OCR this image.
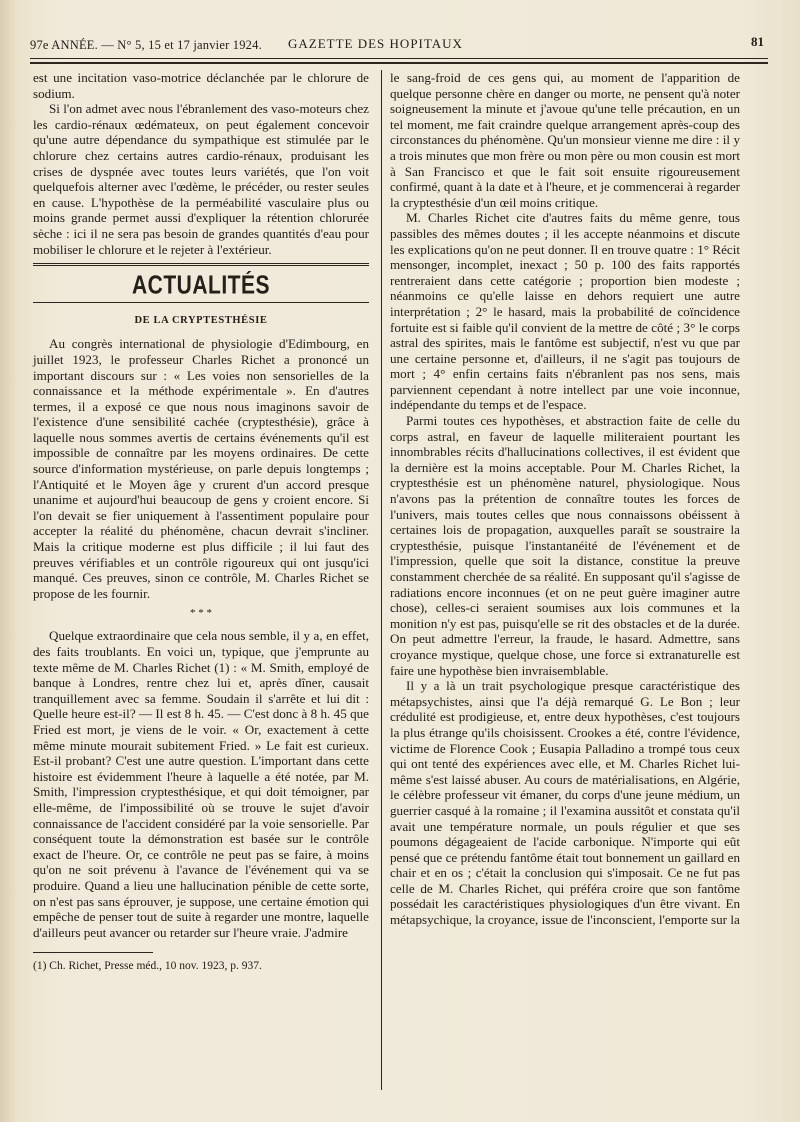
97e ANNÉE. — N° 5, 15 et 17 janvier 1924. GAZETTE DES HOPITAUX	81

est une incitation vaso-motrice déclanchée par le chlorure de sodium.

Si l'on admet avec nous l'ébranlement des vaso-moteurs chez les cardio-rénaux œdémateux, on peut également concevoir qu'une autre dépendance du sympathique est stimulée par le chlorure chez certains autres cardio-rénaux, produisant les crises de dyspnée avec toutes leurs variétés, que l'on voit quelquefois alterner avec l'œdème, le précéder, ou rester seules en cause. L'hypothèse de la perméabilité vasculaire plus ou moins grande permet aussi d'expliquer la rétention chlorurée sèche : ici il ne sera pas besoin de grandes quantités d'eau pour mobiliser le chlorure et le rejeter à l'extérieur.

ACTUALITÉS
DE LA CRYPTESTHÉSIE

Au congrès international de physiologie d'Edimbourg, en juillet 1923, le professeur Charles Richet a prononcé un important discours sur : « Les voies non sensorielles de la connaissance et la méthode expérimentale ». En d'autres termes, il a exposé ce que nous nous imaginons savoir de l'existence d'une sensibilité cachée (cryptesthésie), grâce à laquelle nous sommes avertis de certains événements qu'il est impossible de connaître par les moyens ordinaires. De cette source d'information mystérieuse, on parle depuis longtemps ; l'Antiquité et le Moyen âge y crurent d'un accord presque unanime et aujourd'hui beaucoup de gens y croient encore. Si l'on devait se fier uniquement à l'assentiment populaire pour accepter la réalité du phénomène, chacun devrait s'incliner. Mais la critique moderne est plus difficile ; il lui faut des preuves vérifiables et un contrôle rigoureux qui ont jusqu'ici manqué. Ces preuves, sinon ce contrôle, M. Charles Richet se propose de les fournir.

* * *

Quelque extraordinaire que cela nous semble, il y a, en effet, des faits troublants. En voici un, typique, que j'emprunte au texte même de M. Charles Richet (1) : « M. Smith, employé de banque à Londres, rentre chez lui et, après dîner, causait tranquillement avec sa femme. Soudain il s'arrête et lui dit : Quelle heure est-il? — Il est 8 h. 45. — C'est donc à 8 h. 45 que Fried est mort, je viens de le voir. « Or, exactement à cette même minute mourait subitement Fried. » Le fait est curieux. Est-il probant? C'est une autre question. L'important dans cette histoire est évidemment l'heure à laquelle a été notée, par M. Smith, l'impression cryptesthésique, et qui doit témoigner, par elle-même, de l'impossibilité où se trouve le sujet d'avoir connaissance de l'accident considéré par la voie sensorielle. Par conséquent toute la démonstration est basée sur le contrôle exact de l'heure. Or, ce contrôle ne peut pas se faire, à moins qu'on ne soit prévenu à l'avance de l'événement qui va se produire. Quand a lieu une hallucination pénible de cette sorte, on n'est pas sans éprouver, je suppose, une certaine émotion qui empêche de penser tout de suite à regarder une montre, laquelle d'ailleurs peut avancer ou retarder sur l'heure vraie. J'admire

(1) Ch. Richet, Presse méd., 10 nov. 1923, p. 937.

le sang-froid de ces gens qui, au moment de l'apparition de quelque personne chère en danger ou morte, ne pensent qu'à noter soigneusement la minute et j'avoue qu'une telle précaution, en un tel moment, me fait craindre quelque arrangement après-coup des circonstances du phénomène. Qu'un monsieur vienne me dire : il y a trois minutes que mon frère ou mon père ou mon cousin est mort à San Francisco et que le fait soit ensuite rigoureusement confirmé, quant à la date et à l'heure, et je commencerai à regarder la cryptesthésie d'un œil moins critique.

M. Charles Richet cite d'autres faits du même genre, tous passibles des mêmes doutes ; il les accepte néanmoins et discute les explications qu'on ne peut donner. Il en trouve quatre : 1° Récit mensonger, incomplet, inexact ; 50 p. 100 des faits rapportés rentreraient dans cette catégorie ; proportion bien modeste ; néanmoins ce qu'elle laisse en dehors requiert une autre interprétation ; 2° le hasard, mais la probabilité de coïncidence fortuite est si faible qu'il convient de la mettre de côté ; 3° le corps astral des spirites, mais le fantôme est subjectif, n'est vu que par une certaine personne et, d'ailleurs, il ne s'agit pas toujours de mort ; 4° enfin certains faits n'ébranlent pas nos sens, mais parviennent cependant à notre intellect par une voie inconnue, indépendante du temps et de l'espace.

Parmi toutes ces hypothèses, et abstraction faite de celle du corps astral, en faveur de laquelle militeraient pourtant les innombrables récits d'hallucinations collectives, il est évident que la dernière est la moins acceptable. Pour M. Charles Richet, la cryptesthésie est un phénomène naturel, physiologique. Nous n'avons pas la prétention de connaître toutes les forces de l'univers, mais toutes celles que nous connaissons obéissent à certaines lois de propagation, auxquelles paraît se soustraire la cryptesthésie, puisque l'instantanéité de l'événement et de l'impression, quelle que soit la distance, constitue la preuve constamment cherchée de sa réalité. En supposant qu'il s'agisse de radiations encore inconnues (et on ne peut guère imaginer autre chose), celles-ci seraient soumises aux lois communes et la monition n'y est pas, puisqu'elle se rit des obstacles et de la durée. On peut admettre l'erreur, la fraude, le hasard. Admettre, sans croyance mystique, quelque chose, une force si extranaturelle est faire une hypothèse bien invraisemblable.

Il y a là un trait psychologique presque caractéristique des métapsychistes, ainsi que l'a déjà remarqué G. Le Bon ; leur crédulité est prodigieuse, et, entre deux hypothèses, c'est toujours la plus étrange qu'ils choisissent. Crookes a été, contre l'évidence, victime de Florence Cook ; Eusapia Palladino a trompé tous ceux qui ont tenté des expériences avec elle, et M. Charles Richet lui-même s'est laissé abuser. Au cours de matérialisations, en Algérie, le célèbre professeur vit émaner, du corps d'une jeune médium, un guerrier casqué à la romaine ; il l'examina aussitôt et constata qu'il avait une température normale, un pouls régulier et que ses poumons dégageaient de l'acide carbonique. N'importe qui eût pensé que ce prétendu fantôme était tout bonnement un gaillard en chair et en os ; c'était la conclusion qui s'imposait. Ce ne fut pas celle de M. Charles Richet, qui préféra croire que son fantôme possédait les caractéristiques physiologiques d'un être vivant. En métapsychique, la croyance, issue de l'inconscient, l'emporte sur la
